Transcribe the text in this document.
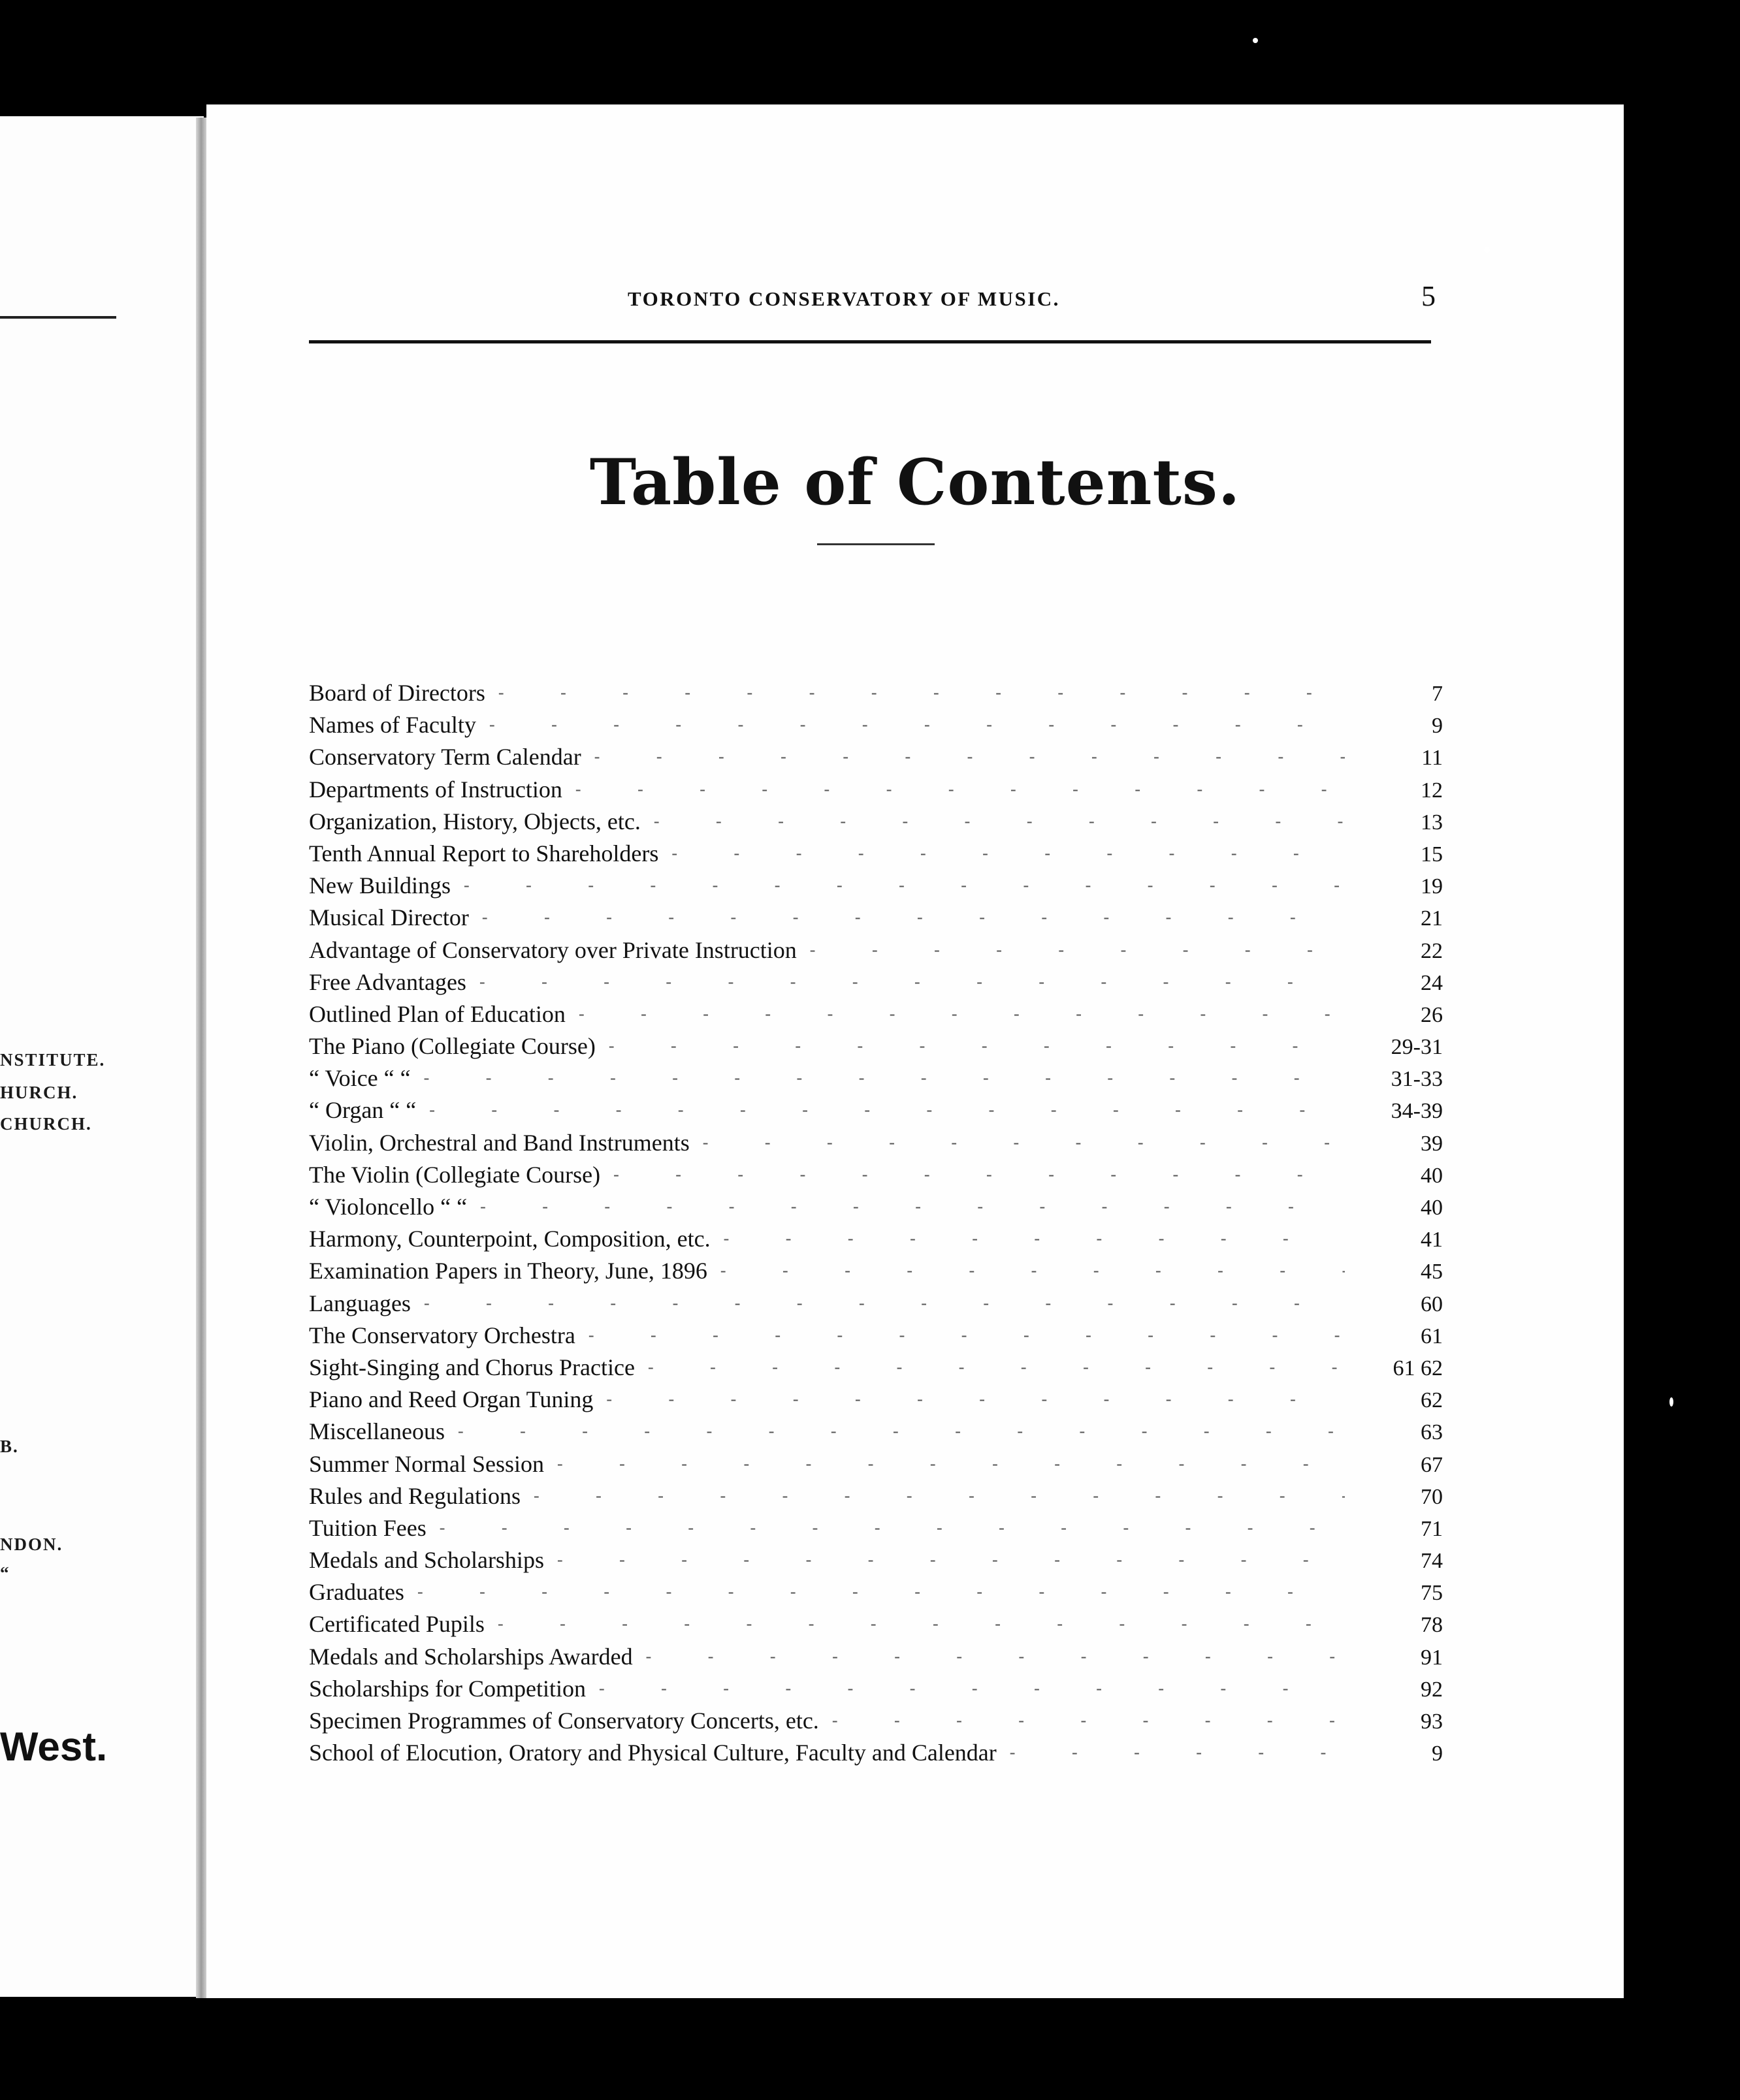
NSTITUTE.
HURCH.
CHURCH.
B.
NDON.
“
West.
TORONTO CONSERVATORY OF MUSIC.	5
Table of Contents.
Board of Directors - - -	7
Names of Faculty - - -	9
Conservatory Term Calendar - - -	11
Departments of Instruction - - -	12
Organization, History, Objects, etc. - - -	13
Tenth Annual Report to Shareholders - - -	15
New Buildings - - -	19
Musical Director - - -	21
Advantage of Conservatory over Private Instruction - - -	22
Free Advantages - - -	24
Outlined Plan of Education - - -	26
The Piano (Collegiate Course) - - -	29-31
“ Voice “ “ - - -	31-33
“ Organ “ “ - - -	34-39
Violin, Orchestral and Band Instruments - - -	39
The Violin (Collegiate Course) - - -	40
“ Violoncello “ “ - - -	40
Harmony, Counterpoint, Composition, etc. - - -	41
Examination Papers in Theory, June, 1896 - - -	45
Languages - - -	60
The Conservatory Orchestra - - -	61
Sight-Singing and Chorus Practice - - -	61 62
Piano and Reed Organ Tuning - - -	62
Miscellaneous - - -	63
Summer Normal Session - - -	67
Rules and Regulations - - -	70
Tuition Fees - - -	71
Medals and Scholarships - - -	74
Graduates - - -	75
Certificated Pupils - - -	78
Medals and Scholarships Awarded - - -	91
Scholarships for Competition - - -	92
Specimen Programmes of Conservatory Concerts, etc. - - -	93
School of Elocution, Oratory and Physical Culture, Faculty and Calendar - - -	9
